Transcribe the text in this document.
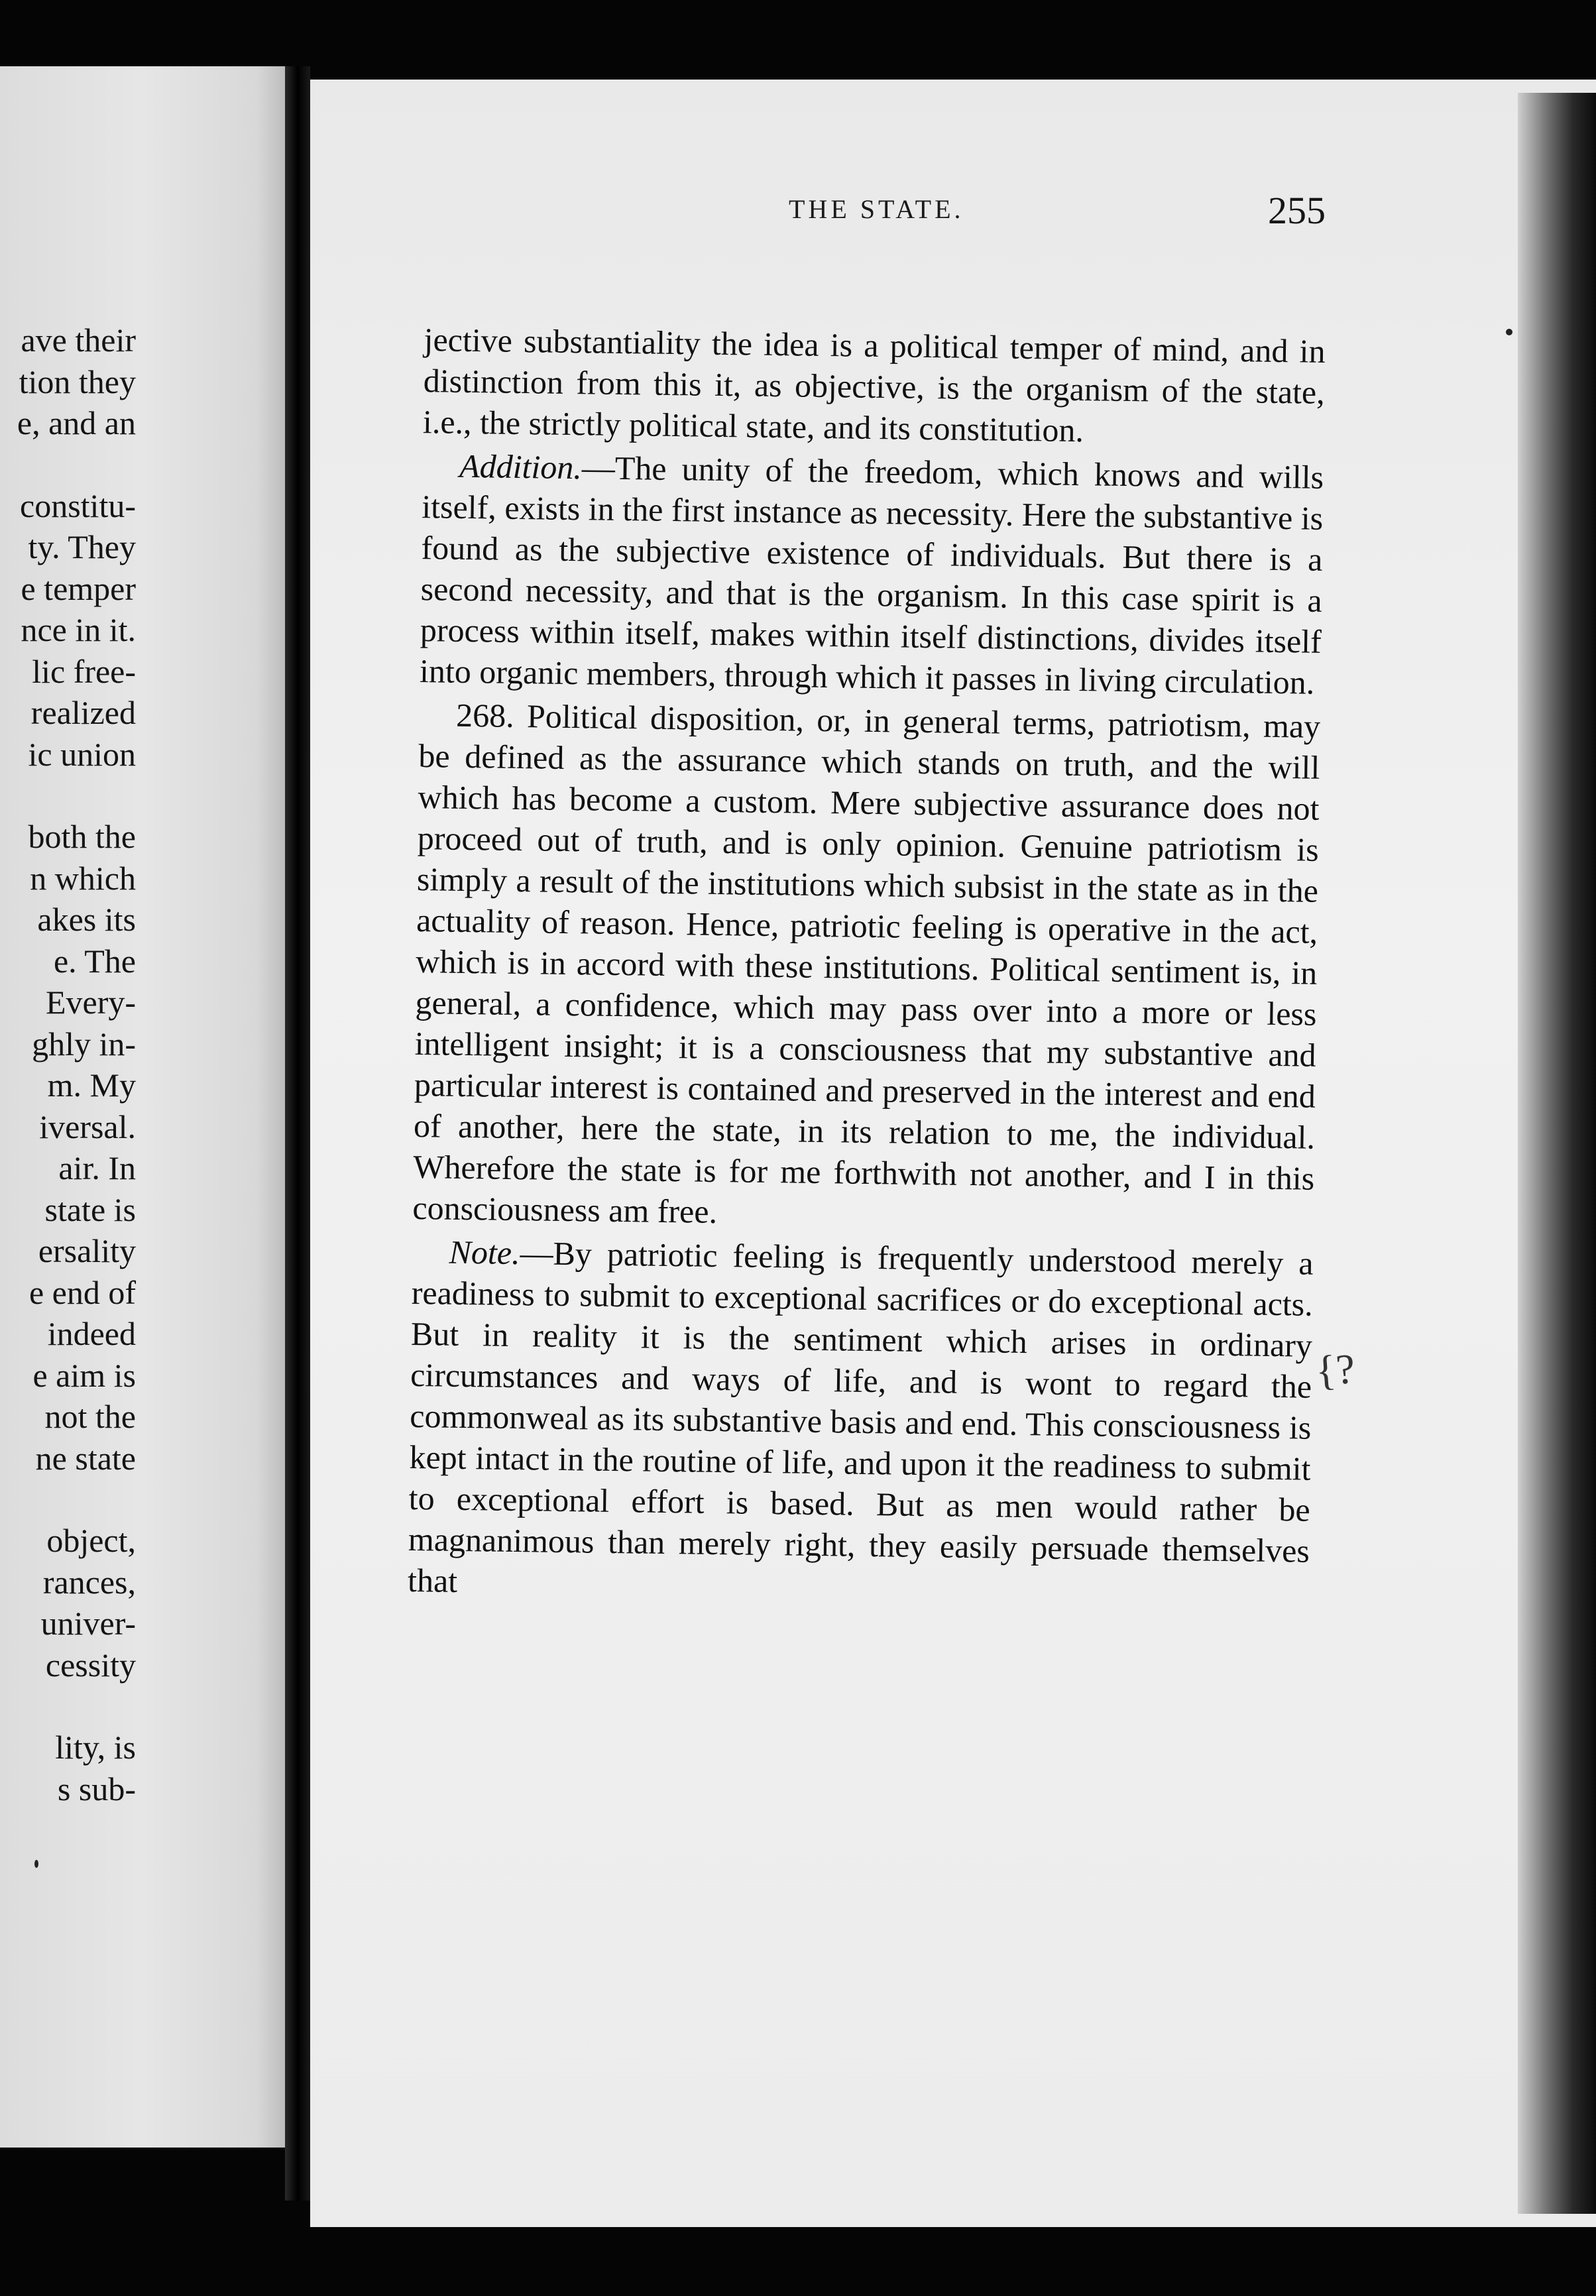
ave their
tion they
e, and an
constitu-
ty. They
e temper
nce in it.
lic free-
realized
ic union
both the
n which
akes its
e. The
Every-
ghly in-
m. My
iversal.
air. In
state is
ersality
e end of
indeed
e aim is
not the
ne state
object,
rances,
univer-
cessity
lity, is
s sub-
THE STATE.	255

jective substantiality the idea is a political temper of mind, and in distinction from this it, as objective, is the organism of the state, i.e., the strictly political state, and its constitution.

Addition.—The unity of the freedom, which knows and wills itself, exists in the first instance as necessity. Here the substantive is found as the subjective existence of individuals. But there is a second necessity, and that is the organism. In this case spirit is a process within itself, makes within itself distinctions, divides itself into organic members, through which it passes in living circulation.

268. Political disposition, or, in general terms, patriotism, may be defined as the assurance which stands on truth, and the will which has become a custom. Mere subjective assurance does not proceed out of truth, and is only opinion. Genuine patriotism is simply a result of the institutions which subsist in the state as in the actuality of reason. Hence, patriotic feeling is operative in the act, which is in accord with these institutions. Political sentiment is, in general, a confidence, which may pass over into a more or less intelligent insight; it is a consciousness that my substantive and particular interest is contained and preserved in the interest and end of another, here the state, in its relation to me, the individual. Wherefore the state is for me forthwith not another, and I in this consciousness am free.

Note.—By patriotic feeling is frequently understood merely a readiness to submit to exceptional sacrifices or do exceptional acts. But in reality it is the sentiment which arises in ordinary circumstances and ways of life, and is wont to regard the commonweal as its substantive basis and end. This consciousness is kept intact in the routine of life, and upon it the readiness to submit to exceptional effort is based. But as men would rather be magnanimous than merely right, they easily persuade themselves that

{?
